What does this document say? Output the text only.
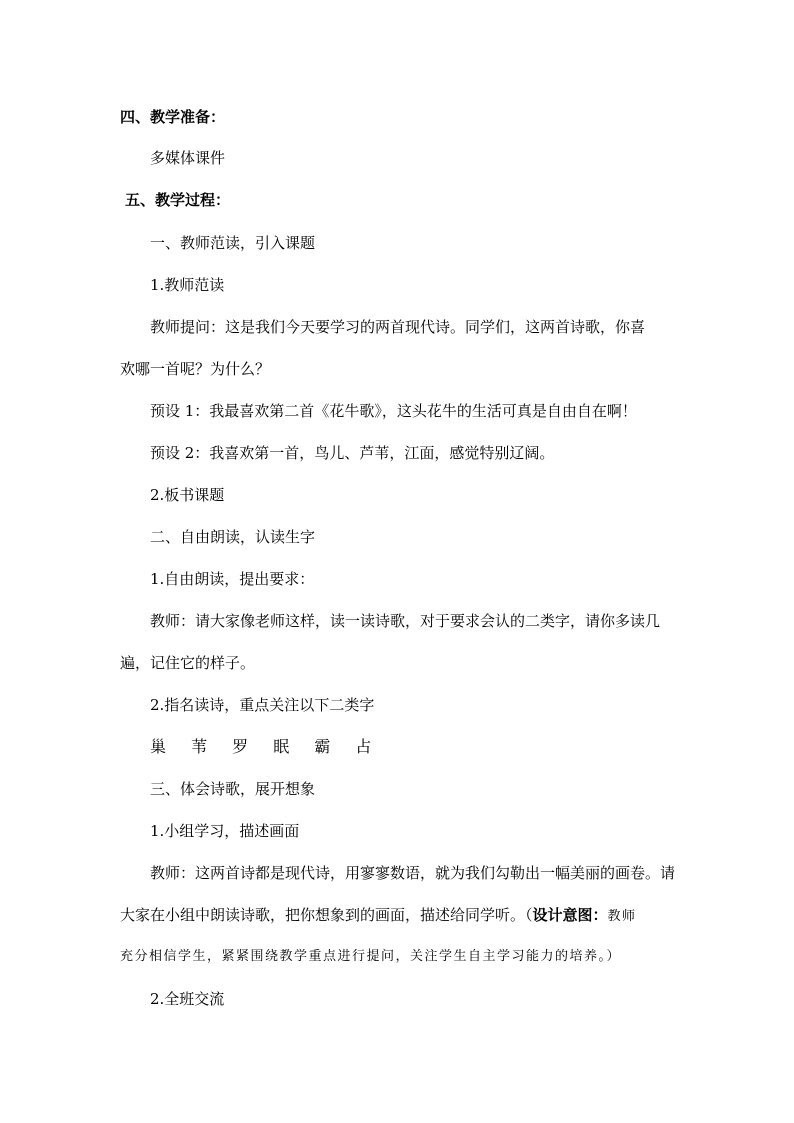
四、教学准备：
多媒体课件
五、教学过程：
一、教师范读，引入课题
1.教师范读
教师提问：这是我们今天要学习的两首现代诗。同学们，这两首诗歌，你喜
欢哪一首呢？为什么？
预设 1：我最喜欢第二首《花牛歌》，这头花牛的生活可真是自由自在啊！
预设 2：我喜欢第一首，鸟儿、芦苇，江面，感觉特别辽阔。
2.板书课题
二、自由朗读，认读生字
1.自由朗读，提出要求：
教师：请大家像老师这样，读一读诗歌，对于要求会认的二类字，请你多读几
遍，记住它的样子。
2.指名读诗，重点关注以下二类字
巢 苇 罗 眠 霸 占
三、体会诗歌，展开想象
1.小组学习，描述画面
教师：这两首诗都是现代诗，用寥寥数语，就为我们勾勒出一幅美丽的画卷。请
大家在小组中朗读诗歌，把你想象到的画面，描述给同学听。（设计意图：教师
充分相信学生，紧紧围绕教学重点进行提问，关注学生自主学习能力的培养。）
2.全班交流
